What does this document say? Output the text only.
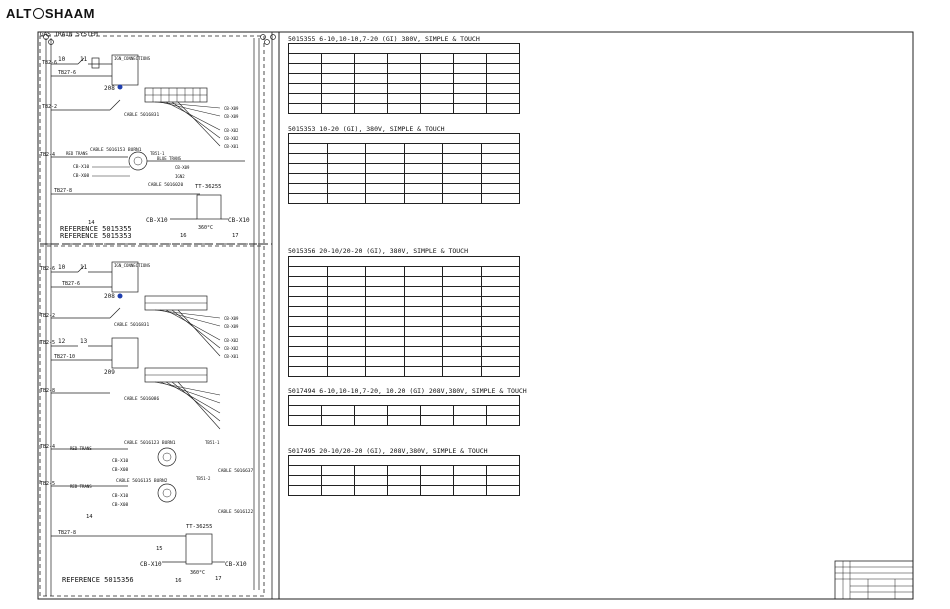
ALT SHAAM
GAS TRAIN SYSTEM
TB2-6 10 11
TB27-6
IGN_CONNECTIONS
208
TB2-2
CABLE 5016831
CB-X09
CB-X09
CB-X02
CB-X02
CB-X01
TB2-4	RED TRANS
CABLE 5016153 BURN1
TB51-1
BLUE TRANS
CB-X10
CB-X08
CABLE 5016020
CB-X09
IGN2
TB27-8
TT-36255
360°C
CB-X10	CB-X10
16	17
14
REFERENCE 5015355
REFERENCE 5015353
TB2-6 10 11
TB27-6
IGN_CONNECTIONS
208
TB2-2
CABLE 5016831
CB-X09
CB-X09
CB-X02
CB-X02
CB-X01
TB2-5 12 13
TB27-10
209
TB2-8
CABLE 5016086
TB2-4	RED TRANS
CABLE 5016123 BURN1	TB51-1
CB-X10
CB-X08	CABLE 5016637
TB2-5	RED TRANS
CABLE 5016135 BURN2
TB51-2
CB-X10
CB-X08
CABLE 5016122
TB27-8
14
TT-36255
360°C
15
CB-X10	CB-X10
16	17
REFERENCE 5015356
5015355 6-10,10-10,7-20 (GI) 380V, SIMPLE & TOUCH

5015353 10-20 (GI), 380V, SIMPLE & TOUCH

5015356 20-10/20-20 (GI), 380V, SIMPLE & TOUCH

5017494 6-10,10-10,7-20, 10.20 (GI) 208V,380V, SIMPLE & TOUCH

5017495 20-10/20-20 (GI), 208V,380V, SIMPLE & TOUCH
